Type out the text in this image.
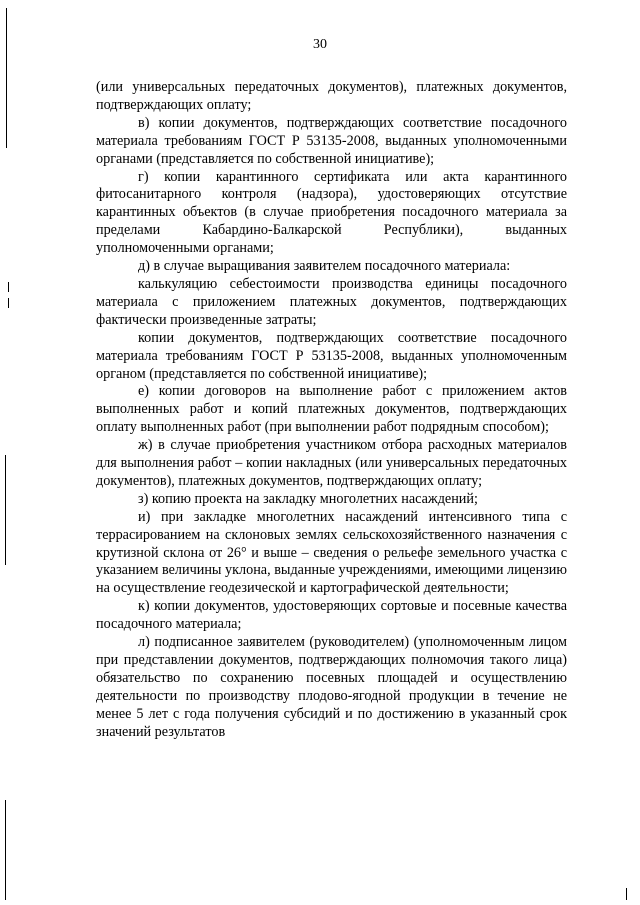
30

(или универсальных передаточных документов), платежных документов, подтверждающих оплату;

в) копии документов, подтверждающих соответствие посадочного материала требованиям ГОСТ Р 53135-2008, выданных уполномоченными органами (представляется по собственной инициативе);

г) копии карантинного сертификата или акта карантинного фитосанитарного контроля (надзора), удостоверяющих отсутствие карантинных объектов (в случае приобретения посадочного материала за пределами Кабардино-Балкарской Республики), выданных уполномоченными органами;

д) в случае выращивания заявителем посадочного материала:

калькуляцию себестоимости производства единицы посадочного материала с приложением платежных документов, подтверждающих фактически произведенные затраты;

копии документов, подтверждающих соответствие посадочного материала требованиям ГОСТ Р 53135-2008, выданных уполномоченным органом (представляется по собственной инициативе);

е) копии договоров на выполнение работ с приложением актов выполненных работ и копий платежных документов, подтверждающих оплату выполненных работ (при выполнении работ подрядным способом);

ж) в случае приобретения участником отбора расходных материалов для выполнения работ – копии накладных (или универсальных передаточных документов), платежных документов, подтверждающих оплату;

з) копию проекта на закладку многолетних насаждений;

и) при закладке многолетних насаждений интенсивного типа с террасированием на склоновых землях сельскохозяйственного назначения с крутизной склона от 26° и выше – сведения о рельефе земельного участка с указанием величины уклона, выданные учреждениями, имеющими лицензию на осуществление геодезической и картографической деятельности;

к) копии документов, удостоверяющих сортовые и посевные качества посадочного материала;

л) подписанное заявителем (руководителем) (уполномоченным лицом при представлении документов, подтверждающих полномочия такого лица) обязательство по сохранению посевных площадей и осуществлению деятельности по производству плодово-ягодной продукции в течение не менее 5 лет с года получения субсидий и по достижению в указанный срок значений результатов
